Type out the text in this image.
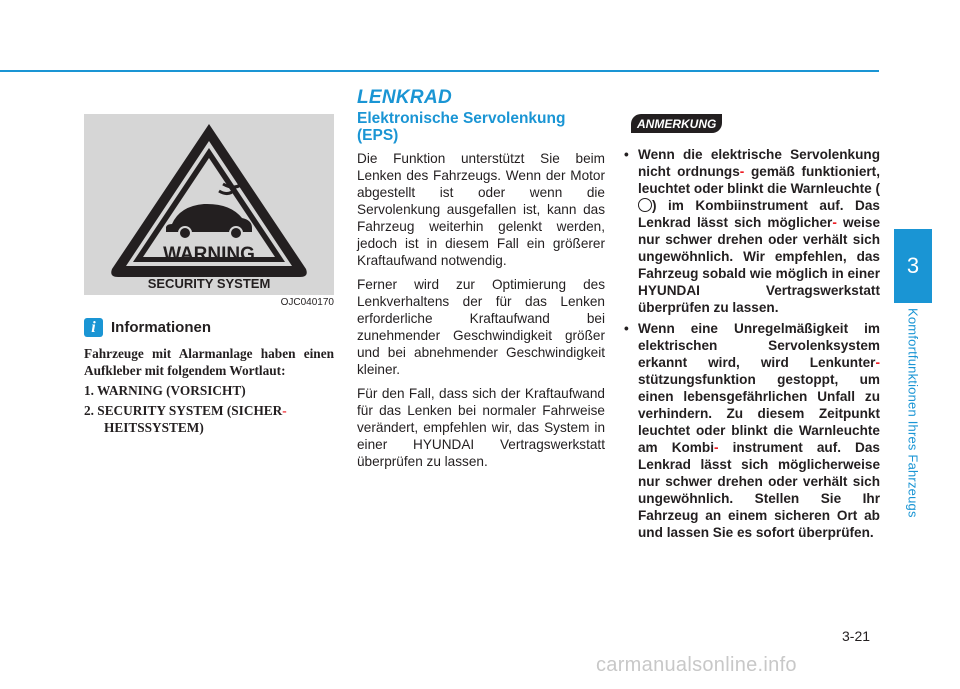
3
Komfortfunktionen Ihres Fahrzeugs
WARNING
SECURITY SYSTEM
OJC040170
i	Informationen

Fahrzeuge mit Alarmanlage haben einen Aufkleber mit folgendem Wortlaut:

1. WARNING (VORSICHT)

2. SECURITY SYSTEM (SICHER-
HEITSSYSTEM)

LENKRAD
Elektronische Servolenkung (EPS)

Die Funktion unterstützt Sie beim Lenken des Fahrzeugs. Wenn der Motor abgestellt ist oder wenn die Servolenkung ausgefallen ist, kann das Fahrzeug weiterhin gelenkt werden, jedoch ist in diesem Fall ein größerer Kraftaufwand notwendig.

Ferner wird zur Optimierung des Lenkverhaltens der für das Lenken erforderliche Kraftaufwand bei zunehmender Geschwindigkeit größer und bei abnehmender Geschwindigkeit kleiner.

Für den Fall, dass sich der Kraftaufwand für das Lenken bei normaler Fahrweise verändert, empfehlen wir, das System in einer HYUNDAI Vertragswerkstatt überprüfen zu lassen.

ANMERKUNG

• Wenn die elektrische Servolenkung nicht ordnungs- gemäß funktioniert, leuchtet oder blinkt die Warnleuchte ( ) im Kombiinstrument auf. Das Lenkrad lässt sich möglicher- weise nur schwer drehen oder verhält sich ungewöhnlich. Wir empfehlen, das Fahrzeug sobald wie möglich in einer HYUNDAI Vertragswerkstatt überprüfen zu lassen.

• Wenn eine Unregelmäßigkeit im elektrischen Servolenksystem erkannt wird, wird Lenkunter- stützungsfunktion gestoppt, um einen lebensgefährlichen Unfall zu verhindern. Zu diesem Zeitpunkt leuchtet oder blinkt die Warnleuchte am Kombi- instrument auf. Das Lenkrad lässt sich möglicherweise nur schwer drehen oder verhält sich ungewöhnlich. Stellen Sie Ihr Fahrzeug an einem sicheren Ort ab und lassen Sie es sofort überprüfen.

3-21
carmanualsonline.info
